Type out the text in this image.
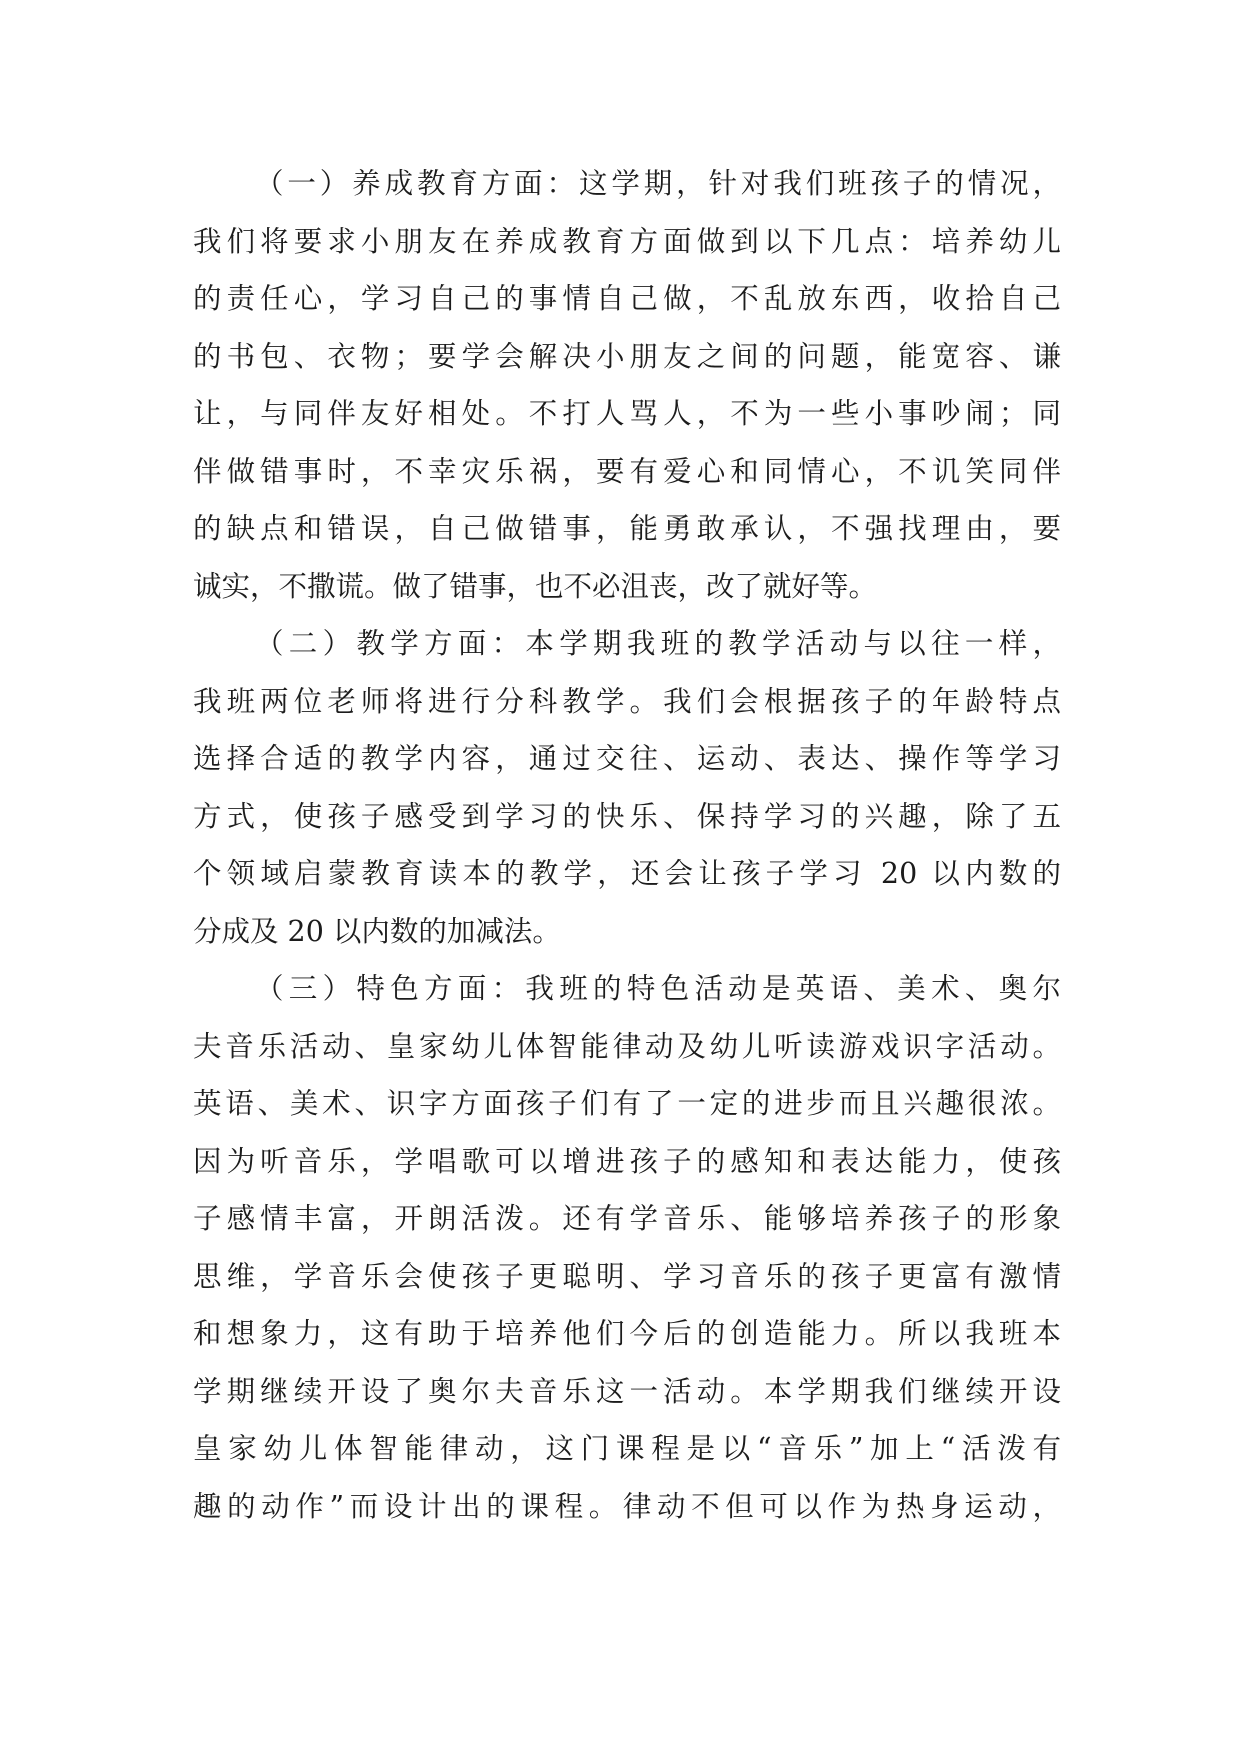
（一）养成教育方面：这学期，针对我们班孩子的情况，
我们将要求小朋友在养成教育方面做到以下几点：培养幼儿
的责任心，学习自己的事情自己做，不乱放东西，收拾自己
的书包、衣物；要学会解决小朋友之间的问题，能宽容、谦
让，与同伴友好相处。不打人骂人，不为一些小事吵闹；同
伴做错事时，不幸灾乐祸，要有爱心和同情心，不讥笑同伴
的缺点和错误，自己做错事，能勇敢承认，不强找理由，要
诚实，不撒谎。做了错事，也不必沮丧，改了就好等。
（二）教学方面：本学期我班的教学活动与以往一样，
我班两位老师将进行分科教学。我们会根据孩子的年龄特点
选择合适的教学内容，通过交往、运动、表达、操作等学习
方式，使孩子感受到学习的快乐、保持学习的兴趣，除了五
个领域启蒙教育读本的教学，还会让孩子学习 20 以内数的
分成及 20 以内数的加减法。
（三）特色方面：我班的特色活动是英语、美术、奥尔
夫音乐活动、皇家幼儿体智能律动及幼儿听读游戏识字活动。
英语、美术、识字方面孩子们有了一定的进步而且兴趣很浓。
因为听音乐，学唱歌可以增进孩子的感知和表达能力，使孩
子感情丰富，开朗活泼。还有学音乐、能够培养孩子的形象
思维，学音乐会使孩子更聪明、学习音乐的孩子更富有激情
和想象力，这有助于培养他们今后的创造能力。所以我班本
学期继续开设了奥尔夫音乐这一活动。本学期我们继续开设
皇家幼儿体智能律动，这门课程是以“音乐”加上“活泼有
趣的动作”而设计出的课程。律动不但可以作为热身运动，
